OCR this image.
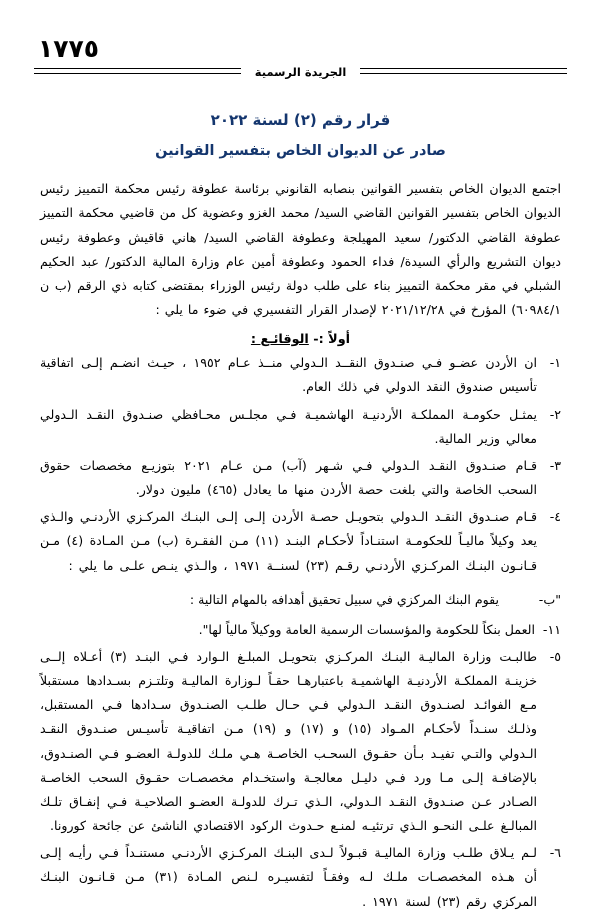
١٧٧٥
الجريدة الرسمية
قرار رقم (٢) لسنة ٢٠٢٢
صادر عن الديوان الخاص بتفسير القوانين

اجتمع الديوان الخاص بتفسير القوانين بنصابه القانوني برئاسة عطوفة رئيس محكمة التمييز رئيس الديوان الخاص بتفسير القوانين القاضي السيد/ محمد الغزو وعضوية كل من قاضيي محكمة التمييز عطوفة القاضي الدكتور/ سعيد المهيلجة وعطوفة القاضي السيد/ هاني قاقيش وعطوفة رئيس ديوان التشريع والرأي السيدة/ فداء الحمود وعطوفة أمين عام وزارة المالية الدكتور/ عبد الحكيم الشبلي في مقر محكمة التمييز بناء على طلب دولة رئيس الوزراء بمقتضى كتابه ذي الرقم (ب ن ٦٠٩٨٤/١) المؤرخ في ٢٠٢١/١٢/٢٨ لإصدار القرار التفسيري في ضوء ما يلي :

أولاً :- الوقائـع :
١-
ان الأردن عضـو فـي صنـدوق النقــد الـدولي منــذ عـام ١٩٥٢ ، حيـث انضـم إلـى اتفاقية تأسيس صندوق النقد الدولي في ذلك العام.
٢-
يمثـل حكومـة المملكـة الأردنيـة الهاشميـة فـي مجلـس محـافظي صنـدوق النقـد الـدولي معالي وزير المالية.
٣-
قـام صنـدوق النقـد الـدولي فـي شـهر (آب) مـن عـام ٢٠٢١ بتوزيـع مخصصات حقوق السحب الخاصة والتي بلغت حصة الأردن منها ما يعادل (٤٦٥) مليون دولار.
٤-
قـام صنـدوق النقـد الـدولي بتحويـل حصـة الأردن إلـى إلـى البنـك المركـزي الأردنـي والـذي يعد وكيلاً ماليـاً للحكومـة استنـاداً لأحكـام البنـد (١١) مـن الفقـرة (ب) مـن المـادة (٤) مـن قـانـون البنـك المركـزي الأردنـي رقـم (٢٣) لسنــة ١٩٧١ ، والـذي ينـص علـى ما يلي :
"ب-
يقوم البنك المركزي في سبيل تحقيق أهدافه بالمهام التالية :
١١-
العمل بنكاً للحكومة والمؤسسات الرسمية العامة ووكيلاً مالياً لها".
٥-
طالبـت وزارة الماليـة البنـك المركـزي بتحويـل المبلـغ الـوارد فـي البنـد (٣) أعـلاه إلــى خزينـة المملكـة الأردنيـة الهاشميـة باعتبارهـا حقـاً لـوزارة الماليـة وتلتـزم بسـدادها مستقبلاً مـع الفوائـد لصنـدوق النقـد الـدولي فـي حـال طلـب الصنـدوق سـدادها فـي المستقبل، وذلـك سنـداً لأحكـام المـواد (١٥) و (١٧) و (١٩) مـن اتفاقيـة تأسيـس صنـدوق النقـد الـدولي والتـي تفيـد بـأن حقـوق السحـب الخاصـة هـي ملـك للدولـة العضـو فـي الصنـدوق، بالإضافـة إلـى مـا ورد فـي دليـل معالجـة واستخـدام مخصصـات حقـوق السحب الخاصـة الصـادر عـن صنـدوق النقـد الـدولي، الـذي تـرك للدولـة العضـو الصلاحيـة فـي إنفـاق تلـك المبالـغ علـى النحـو الـذي ترتئيـه لمنـع حـدوث الركود الاقتصادي الناشئ عن جائحة كورونا.
٦-
لـم يـلاق طلـب وزارة الماليـة قبـولاً لـدى البنـك المركـزي الأردنـي مستنـداً فـي رأيـه إلـى أن هـذه المخصصـات ملـك لـه وفقـاً لتفسيـره لـنص المـادة (٣١) مـن قـانـون البنـك المركزي رقم (٢٣) لسنة ١٩٧١ .
